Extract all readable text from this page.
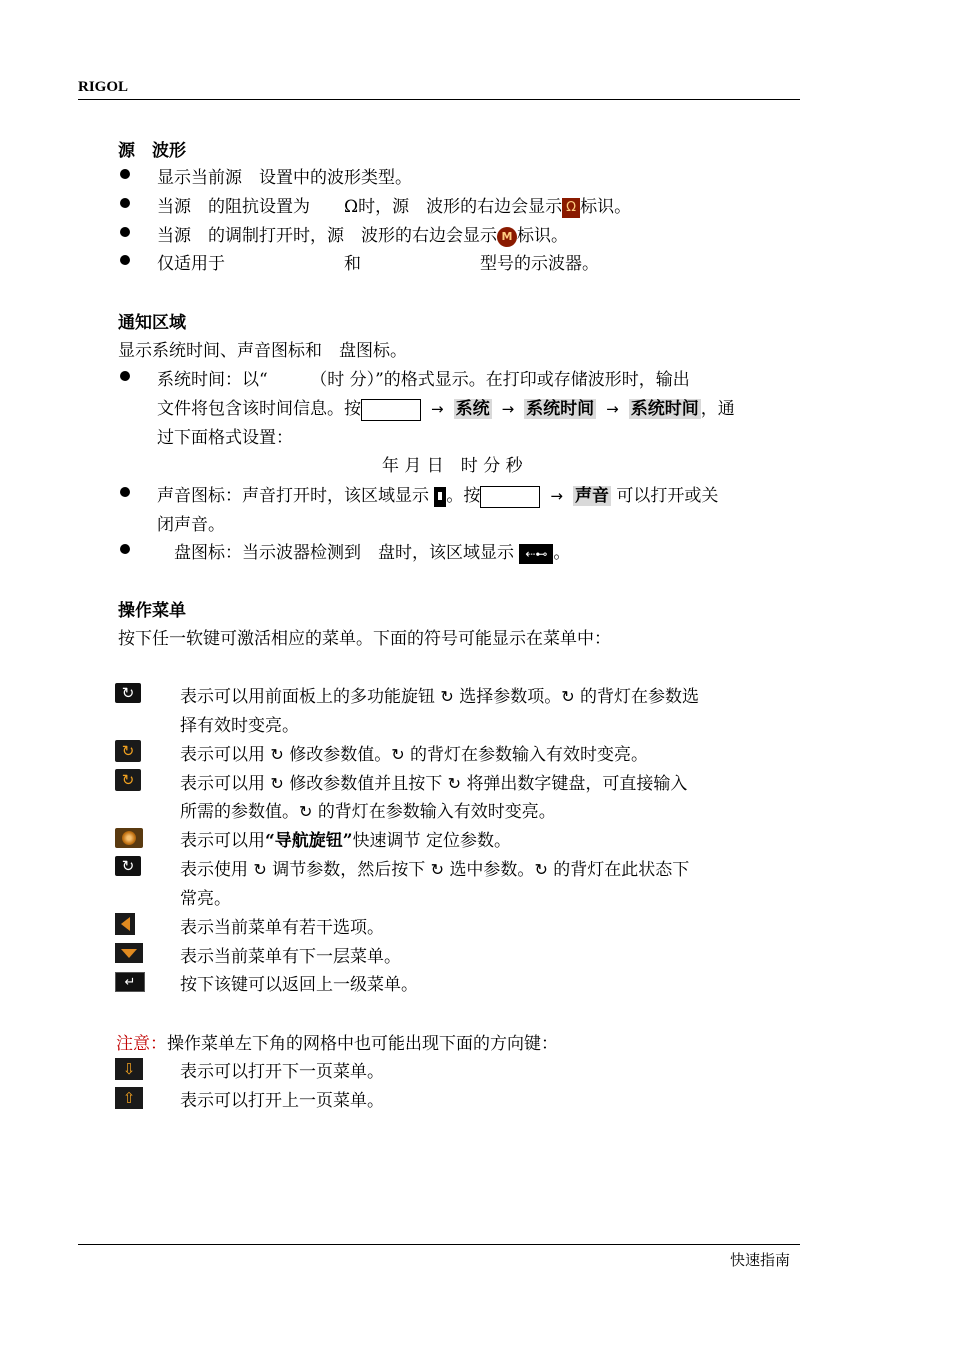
RIGOL
源　波形
显示当前源　设置中的波形类型。
当源　的阻抗设置为　　Ω时，源　波形的右边会显示 Ω 标识。
当源　的调制打开时，源　波形的右边会显示 M 标识。
仅适用于　　　　　　　和　　　　　　　型号的示波器。
通知区域
显示系统时间、声音图标和　盘图标。
系统时间：以“　　　（时 分）”的格式显示。在打印或存储波形时，输出
文件将包含该时间信息。按	→ 系统 → 系统时间 → 系统时间 ，通
过下面格式设置：
年 月 日　时 分 秒
声音图标：声音打开时，该区域显示 。按	→ 声音 可以打开或关
闭声音。
　盘图标：当示波器检测到　盘时，该区域显示 ⇠⊷ 。
操作菜单
按下任一软键可激活相应的菜单。下面的符号可能显示在菜单中：
↻	表示可以用前面板上的多功能旋钮 ↻ 选择参数项。↻ 的背灯在参数选
择有效时变亮。
↻	表示可以用 ↻ 修改参数值。↻ 的背灯在参数输入有效时变亮。
↻	表示可以用 ↻ 修改参数值并且按下 ↻ 将弹出数字键盘，可直接输入
所需的参数值。↻ 的背灯在参数输入有效时变亮。
表示可以用“导航旋钮”快速调节 定位参数。
↻	表示使用 ↻ 调节参数，然后按下 ↻ 选中参数。↻ 的背灯在此状态下
常亮。
表示当前菜单有若干选项。
表示当前菜单有下一层菜单。
↵	按下该键可以返回上一级菜单。
注意：操作菜单左下角的网格中也可能出现下面的方向键：
⇩	表示可以打开下一页菜单。
⇧	表示可以打开上一页菜单。
快速指南
